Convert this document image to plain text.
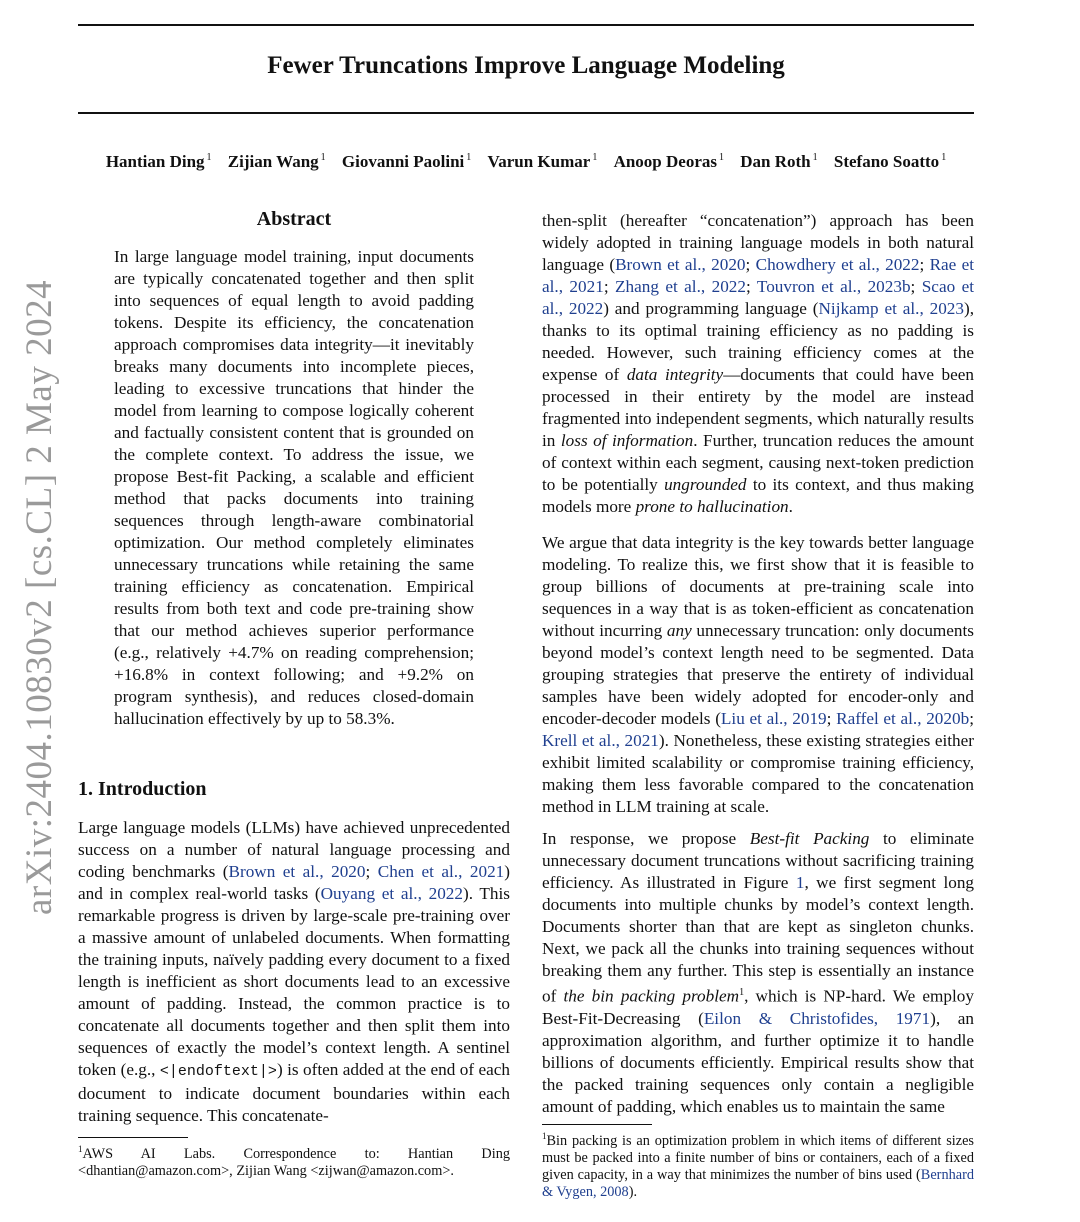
Fewer Truncations Improve Language Modeling
Hantian Ding $^1$ Zijian Wang $^1$ Giovanni Paolini $^1$ Varun Kumar $^1$ Anoop Deoras $^1$ Dan Roth $^1$ Stefano Soatto $^1$
arXiv:2404.10830v2 [cs.CL] 2 May 2024
Abstract

In large language model training, input documents are typically concatenated together and then split into sequences of equal length to avoid padding tokens. Despite its efficiency, the concatenation approach compromises data integrity—it inevitably breaks many documents into incomplete pieces, leading to excessive truncations that hinder the model from learning to compose logically coherent and factually consistent content that is grounded on the complete context. To address the issue, we propose Best-fit Packing, a scalable and efficient method that packs documents into training sequences through length-aware combinatorial optimization. Our method completely eliminates unnecessary truncations while retaining the same training efficiency as concatenation. Empirical results from both text and code pre-training show that our method achieves superior performance (e.g., relatively +4.7% on reading comprehension; +16.8% in context following; and +9.2% on program synthesis), and reduces closed-domain hallucination effectively by up to 58.3%.

1. Introduction

Large language models (LLMs) have achieved unprecedented success on a number of natural language processing and coding benchmarks (Brown et al., 2020; Chen et al., 2021) and in complex real-world tasks (Ouyang et al., 2022). This remarkable progress is driven by large-scale pre-training over a massive amount of unlabeled documents. When formatting the training inputs, naïvely padding every document to a fixed length is inefficient as short documents lead to an excessive amount of padding. Instead, the common practice is to concatenate all documents together and then split them into sequences of exactly the model’s context length. A sentinel token (e.g., <|endoftext|>) is often added at the end of each document to indicate document boundaries within each training sequence. This concatenate-

$^1$AWS AI Labs. Correspondence to: Hantian Ding <dhantian@amazon.com>, Zijian Wang <zijwan@amazon.com>.

then-split (hereafter “concatenation”) approach has been widely adopted in training language models in both natural language (Brown et al., 2020; Chowdhery et al., 2022; Rae et al., 2021; Zhang et al., 2022; Touvron et al., 2023b; Scao et al., 2022) and programming language (Nijkamp et al., 2023), thanks to its optimal training efficiency as no padding is needed. However, such training efficiency comes at the expense of data integrity—documents that could have been processed in their entirety by the model are instead fragmented into independent segments, which naturally results in loss of information. Further, truncation reduces the amount of context within each segment, causing next-token prediction to be potentially ungrounded to its context, and thus making models more prone to hallucination.

We argue that data integrity is the key towards better language modeling. To realize this, we first show that it is feasible to group billions of documents at pre-training scale into sequences in a way that is as token-efficient as concatenation without incurring any unnecessary truncation: only documents beyond model’s context length need to be segmented. Data grouping strategies that preserve the entirety of individual samples have been widely adopted for encoder-only and encoder-decoder models (Liu et al., 2019; Raffel et al., 2020b; Krell et al., 2021). Nonetheless, these existing strategies either exhibit limited scalability or compromise training efficiency, making them less favorable compared to the concatenation method in LLM training at scale.

In response, we propose Best-fit Packing to eliminate unnecessary document truncations without sacrificing training efficiency. As illustrated in Figure 1, we first segment long documents into multiple chunks by model’s context length. Documents shorter than that are kept as singleton chunks. Next, we pack all the chunks into training sequences without breaking them any further. This step is essentially an instance of the bin packing problem$^1$, which is NP-hard. We employ Best-Fit-Decreasing (Eilon & Christofides, 1971), an approximation algorithm, and further optimize it to handle billions of documents efficiently. Empirical results show that the packed training sequences only contain a negligible amount of padding, which enables us to maintain the same

$^1$Bin packing is an optimization problem in which items of different sizes must be packed into a finite number of bins or containers, each of a fixed given capacity, in a way that minimizes the number of bins used (Bernhard & Vygen, 2008).
